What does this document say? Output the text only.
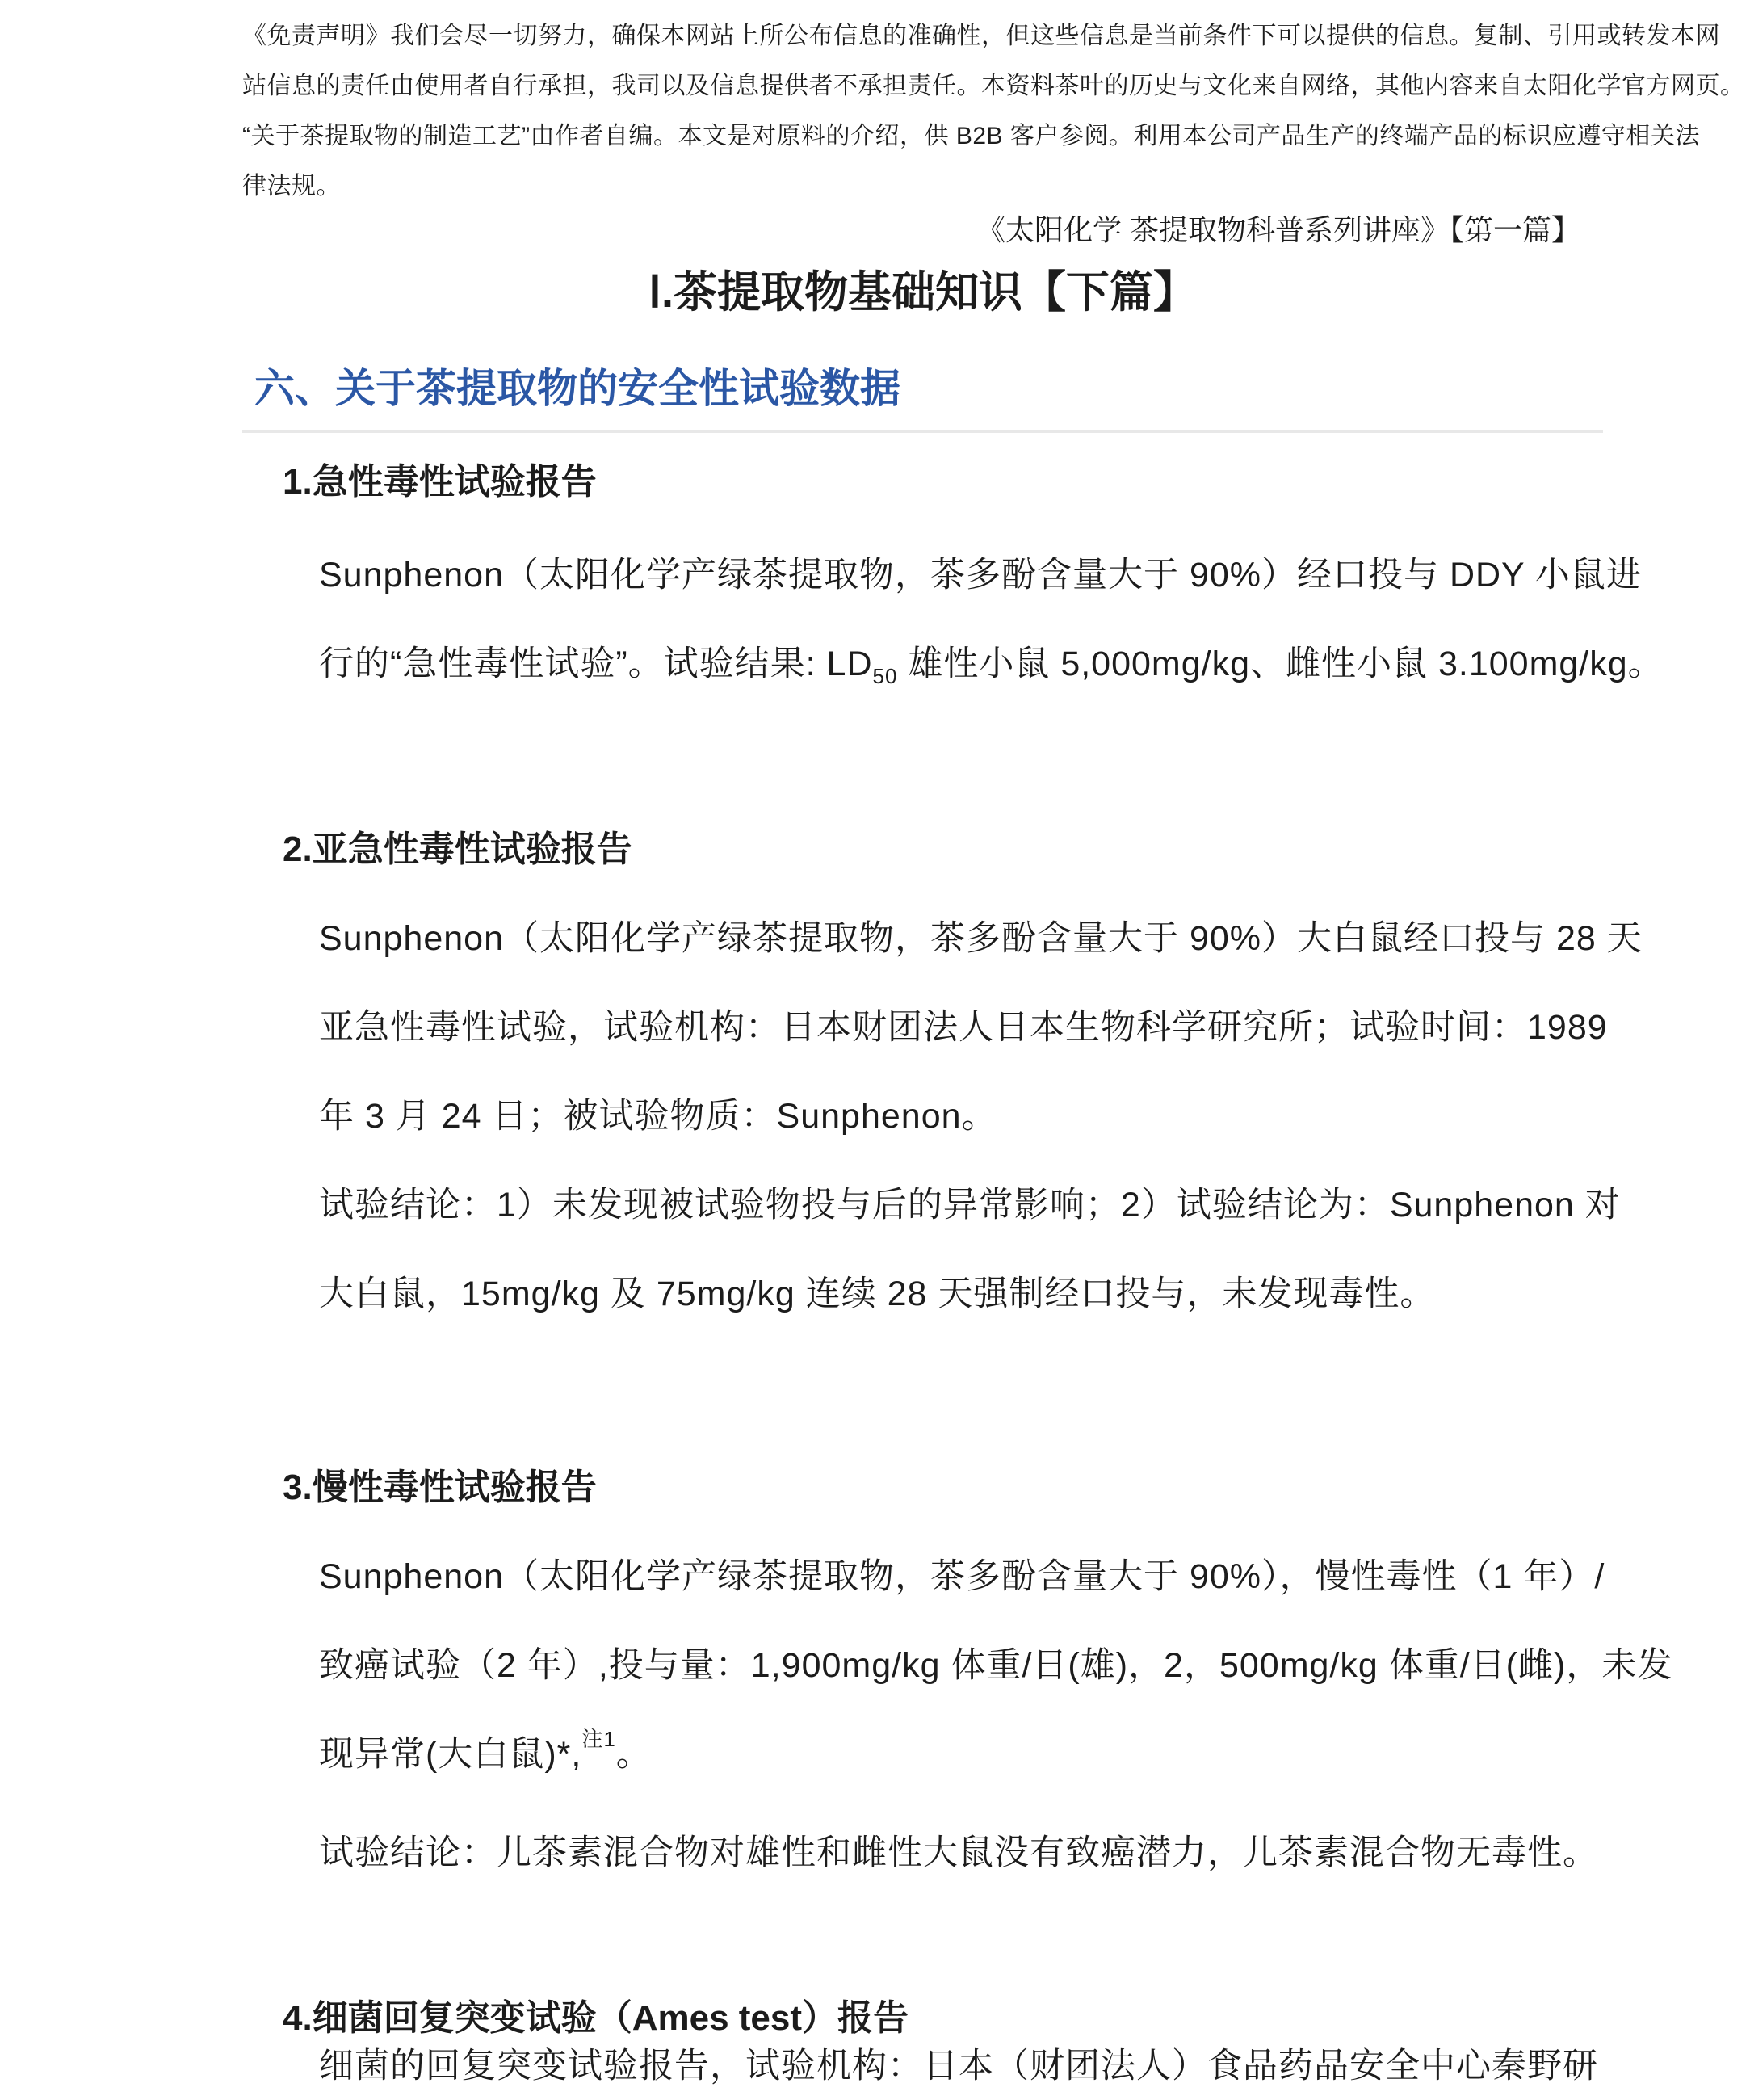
《免责声明》我们会尽一切努力，确保本网站上所公布信息的准确性，但这些信息是当前条件下可以提供的信息。复制、引用或转发本网
站信息的责任由使用者自行承担，我司以及信息提供者不承担责任。本资料茶叶的历史与文化来自网络，其他内容来自太阳化学官方网页。
“关于茶提取物的制造工艺”由作者自编。本文是对原料的介绍，供 B2B 客户参阅。利用本公司产品生产的终端产品的标识应遵守相关法
律法规。
《太阳化学 茶提取物科普系列讲座》【第一篇】
Ⅰ.茶提取物基础知识【下篇】
六、关于茶提取物的安全性试验数据
1.急性毒性试验报告
Sunphenon（太阳化学产绿茶提取物，茶多酚含量大于 90%）经口投与 DDY 小鼠进
行的“急性毒性试验”。试验结果: $LD_{50}$ 雄性小鼠 5,000mg/kg、雌性小鼠 3.100mg/kg。
2.亚急性毒性试验报告
Sunphenon（太阳化学产绿茶提取物，茶多酚含量大于 90%）大白鼠经口投与 28 天
亚急性毒性试验，试验机构：日本财团法人日本生物科学研究所；试验时间：1989
年 3 月 24 日；被试验物质：Sunphenon。
试验结论：1）未发现被试验物投与后的异常影响；2）试验结论为：Sunphenon 对
大白鼠，15mg/kg 及 75mg/kg 连续 28 天强制经口投与，未发现毒性。
3.慢性毒性试验报告
Sunphenon（太阳化学产绿茶提取物，茶多酚含量大于 90%），慢性毒性（1 年）/
致癌试验（2 年）,投与量：1,900mg/kg 体重/日(雄)，2，500mg/kg 体重/日(雌)，未发
现异常(大白鼠)*,$^{注1}$。
试验结论：儿茶素混合物对雄性和雌性大鼠没有致癌潜力，儿茶素混合物无毒性。
4.细菌回复突变试验（Ames test）报告
细菌的回复突变试验报告，试验机构：日本（财团法人）食品药品安全中心秦野研
